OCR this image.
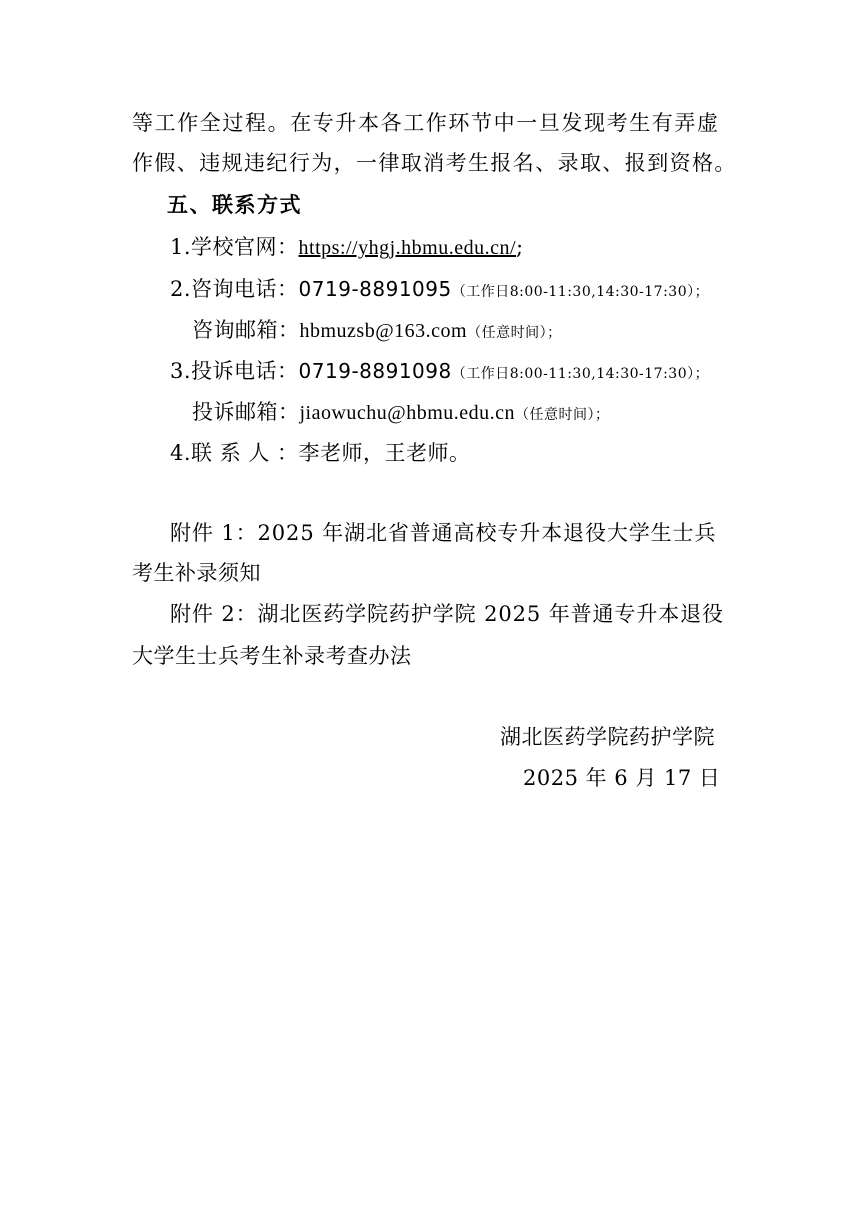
等工作全过程。在专升本各工作环节中一旦发现考生有弄虚
作假、违规违纪行为，一律取消考生报名、录取、报到资格。
五、联系方式
1.学校官网：https://yhgj.hbmu.edu.cn/;
2.咨询电话：0719-8891095（工作日8:00-11:30,14:30-17:30）；
咨询邮箱：hbmuzsb@163.com（任意时间）；
3.投诉电话：0719-8891098（工作日8:00-11:30,14:30-17:30）；
投诉邮箱：jiaowuchu@hbmu.edu.cn（任意时间）；
4.联 系 人 ：李老师，王老师。
附件 1：2025 年湖北省普通高校专升本退役大学生士兵
考生补录须知
附件 2：湖北医药学院药护学院 2025 年普通专升本退役
大学生士兵考生补录考查办法
湖北医药学院药护学院
2025 年 6 月 17 日
